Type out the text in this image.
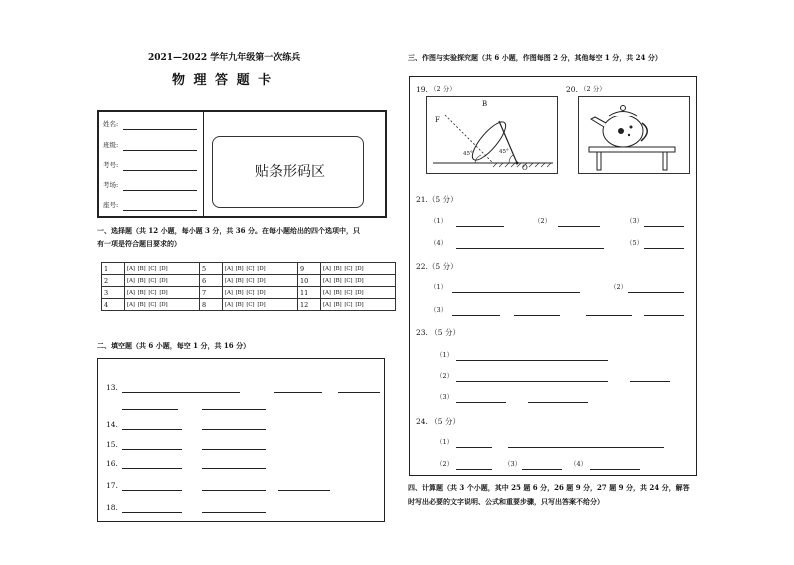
2021—2022 学年九年级第一次练兵
物 理 答 题 卡
姓名:
班级:
考号:
考场:
座号:
贴条形码区
一、选择题（共 12 小题，每小题 3 分，共 36 分。在每小题给出的四个选项中，只
有一项是符合题目要求的）
1	[A] [B] [C] [D]	5	[A] [B] [C] [D]	9	[A] [B] [C] [D]
2	[A] [B] [C] [D]	6	[A] [B] [C] [D]	10	[A] [B] [C] [D]
3	[A] [B] [C] [D]	7	[A] [B] [C] [D]	11	[A] [B] [C] [D]
4	[A] [B] [C] [D]	8	[A] [B] [C] [D]	12	[A] [B] [C] [D]
二、填空题（共 6 小题，每空 1 分，共 16 分）
13.
14.
15.
16.
17.
18.
三、作图与实验探究题（共 6 小题，作图每图 2 分，其他每空 1 分，共 24 分）
19. （2 分）
B
F
45°	45°
O
20. （2 分）
21.（5 分）
（1）	（2）	（3）
（4）	（5）
22.（5 分）
（1）	（2）
（3）
23. （5 分）
（1）
（2）
（3）
24. （5 分）
（1）
（2）	（3）	（4）
四、计算题（共 3 个小题，其中 25 题 6 分，26 题 9 分，27 题 9 分，共 24 分，解答
时写出必要的文字说明、公式和重要步骤，只写出答案不给分）
